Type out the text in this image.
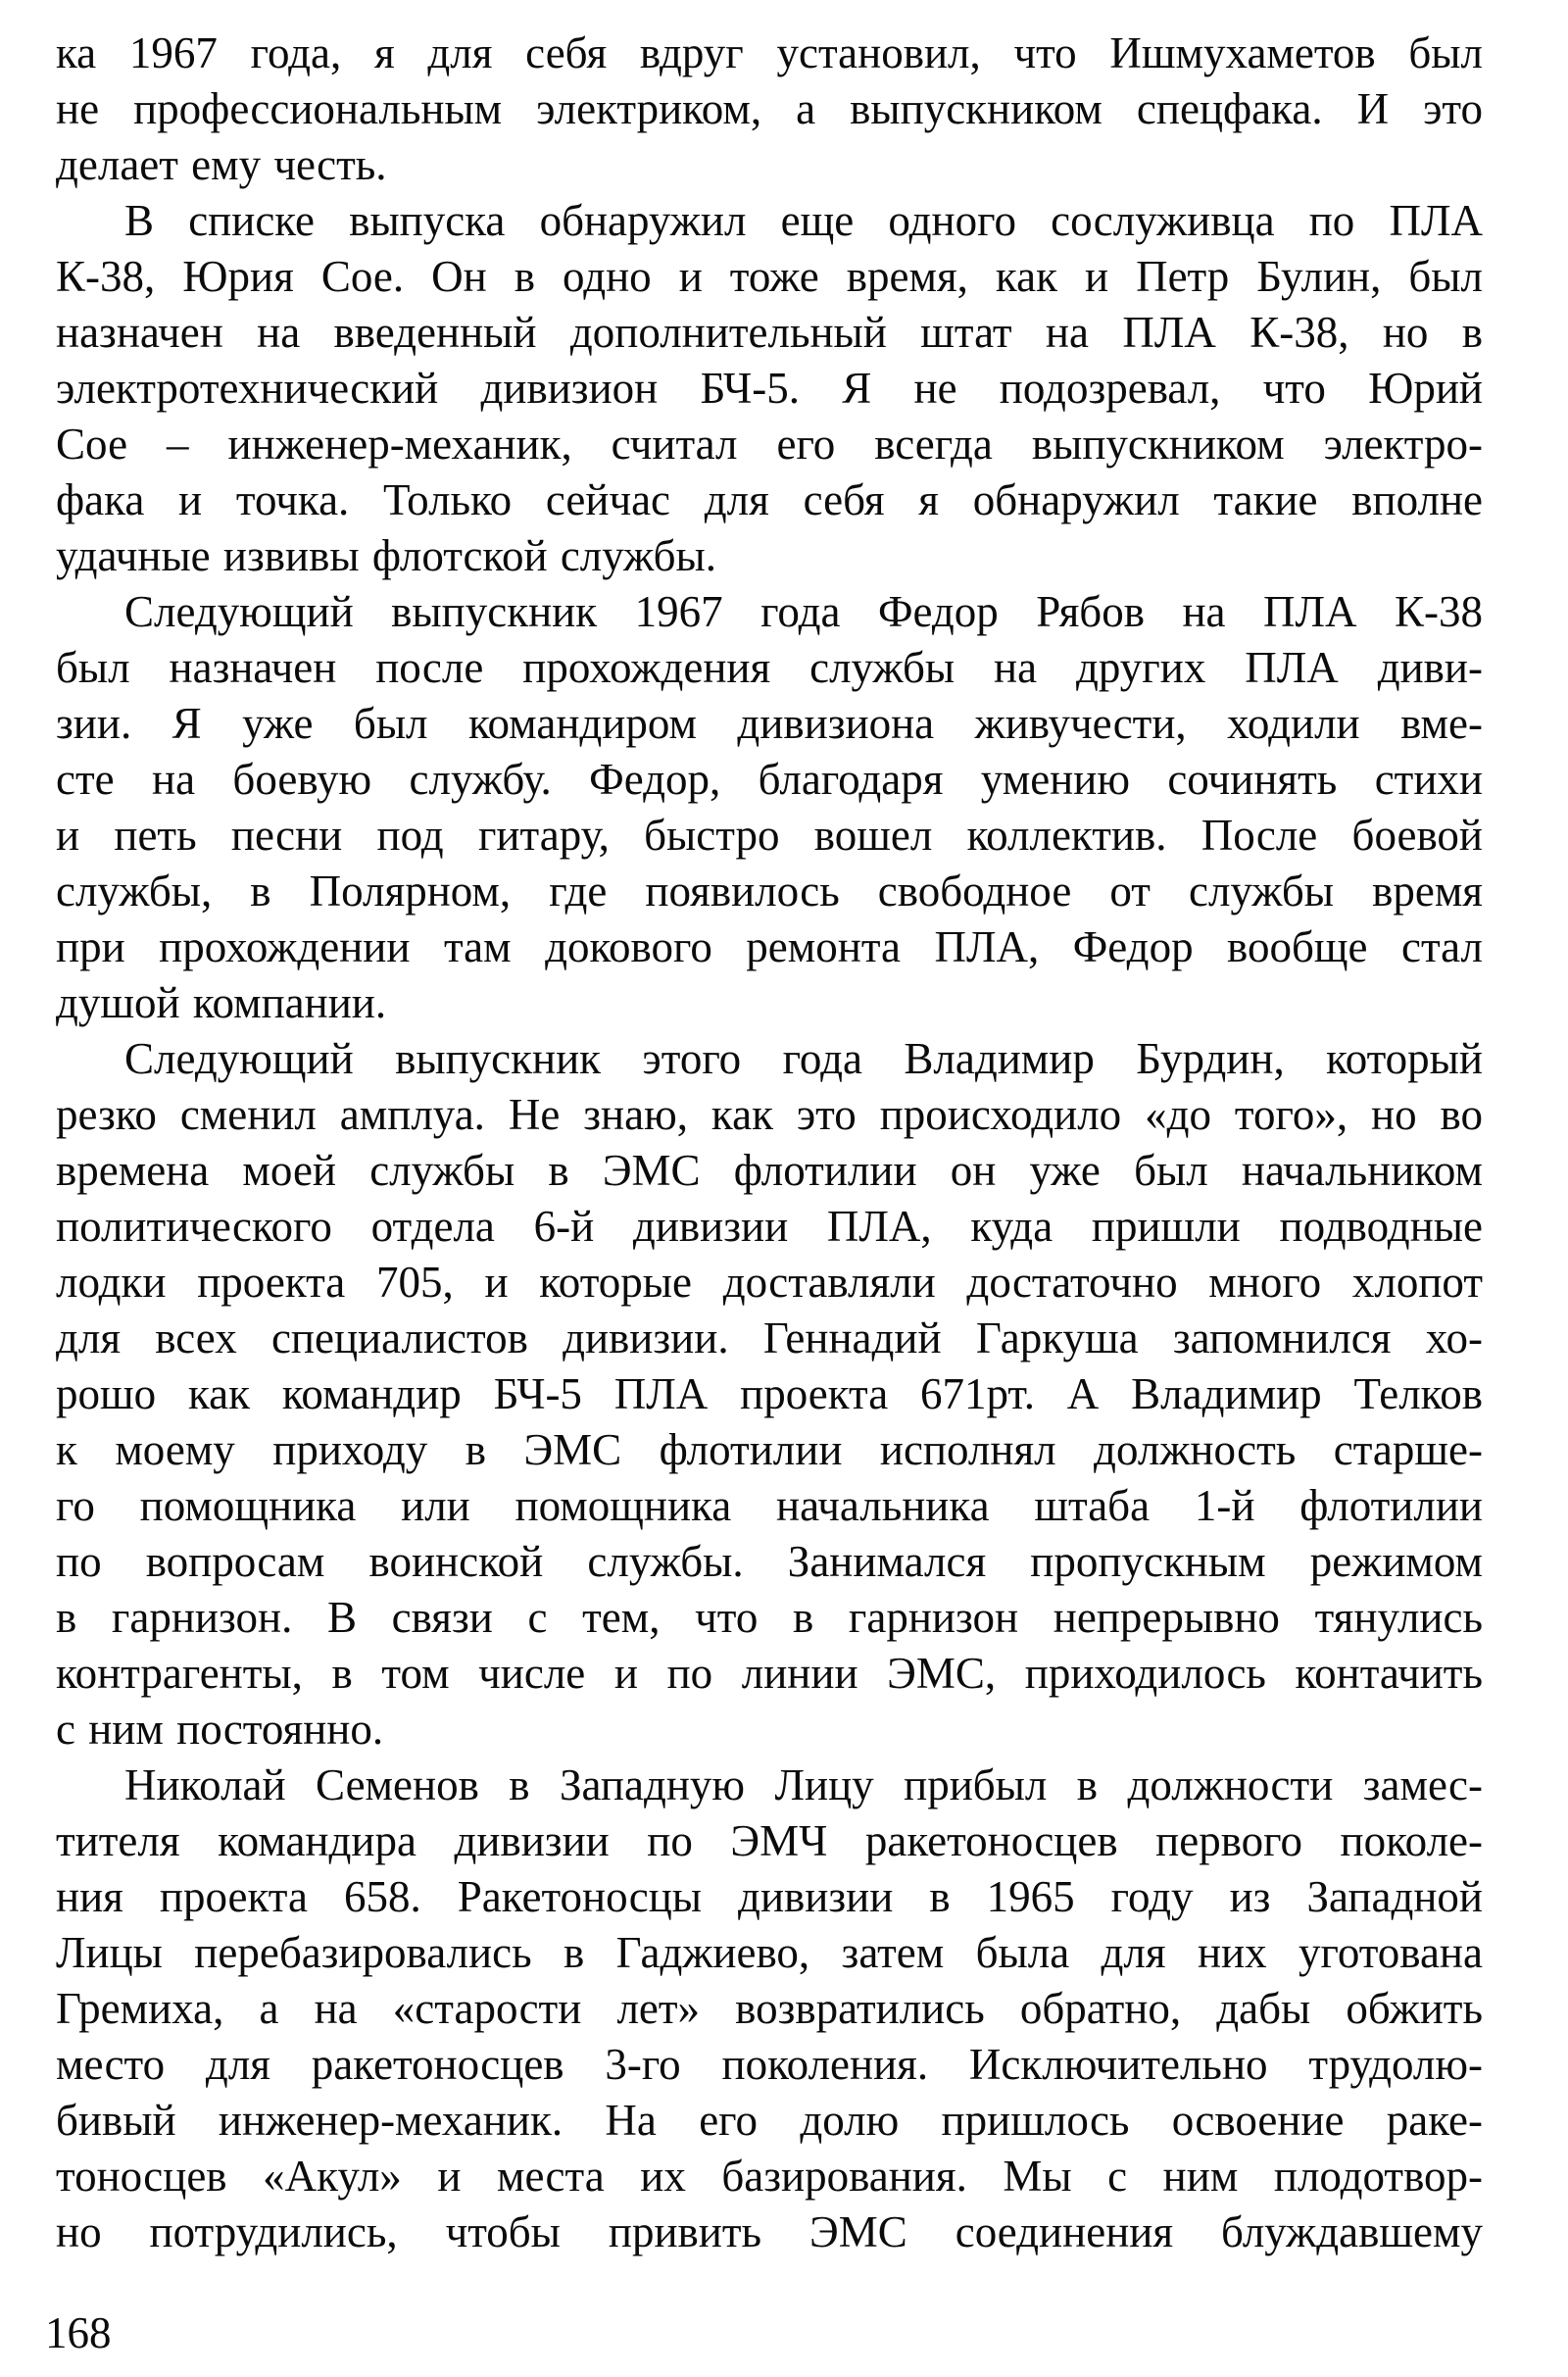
ка 1967 года, я для себя вдруг установил, что Ишмухаметов был
не профессиональным электриком, а выпускником спецфака. И это
делает ему честь.
В списке выпуска обнаружил еще одного сослуживца по ПЛА
К-38, Юрия Сое. Он в одно и тоже время, как и Петр Булин, был
назначен на введенный дополнительный штат на ПЛА К-38, но в
электротехнический дивизион БЧ-5. Я не подозревал, что Юрий
Сое – инженер-механик, считал его всегда выпускником электро-
фака и точка. Только сейчас для себя я обнаружил такие вполне
удачные извивы флотской службы.
Следующий выпускник 1967 года Федор Рябов на ПЛА К-38
был назначен после прохождения службы на других ПЛА диви-
зии. Я уже был командиром дивизиона живучести, ходили вме-
сте на боевую службу. Федор, благодаря умению сочинять стихи
и петь песни под гитару, быстро вошел коллектив. После боевой
службы, в Полярном, где появилось свободное от службы время
при прохождении там докового ремонта ПЛА, Федор вообще стал
душой компании.
Следующий выпускник этого года Владимир Бурдин, который
резко сменил амплуа. Не знаю, как это происходило «до того», но во
времена моей службы в ЭМС флотилии он уже был начальником
политического отдела 6-й дивизии ПЛА, куда пришли подводные
лодки проекта 705, и которые доставляли достаточно много хлопот
для всех специалистов дивизии. Геннадий Гаркуша запомнился хо-
рошо как командир БЧ-5 ПЛА проекта 671рт. А Владимир Телков
к моему приходу в ЭМС флотилии исполнял должность старше-
го помощника или помощника начальника штаба 1-й флотилии
по вопросам воинской службы. Занимался пропускным режимом
в гарнизон. В связи с тем, что в гарнизон непрерывно тянулись
контрагенты, в том числе и по линии ЭМС, приходилось контачить
с ним постоянно.
Николай Семенов в Западную Лицу прибыл в должности замес-
тителя командира дивизии по ЭМЧ ракетоносцев первого поколе-
ния проекта 658. Ракетоносцы дивизии в 1965 году из Западной
Лицы перебазировались в Гаджиево, затем была для них уготована
Гремиха, а на «старости лет» возвратились обратно, дабы обжить
место для ракетоносцев 3-го поколения. Исключительно трудолю-
бивый инженер-механик. На его долю пришлось освоение раке-
тоносцев «Акул» и места их базирования. Мы с ним плодотвор-
но потрудились, чтобы привить ЭМС соединения блуждавшему
168
